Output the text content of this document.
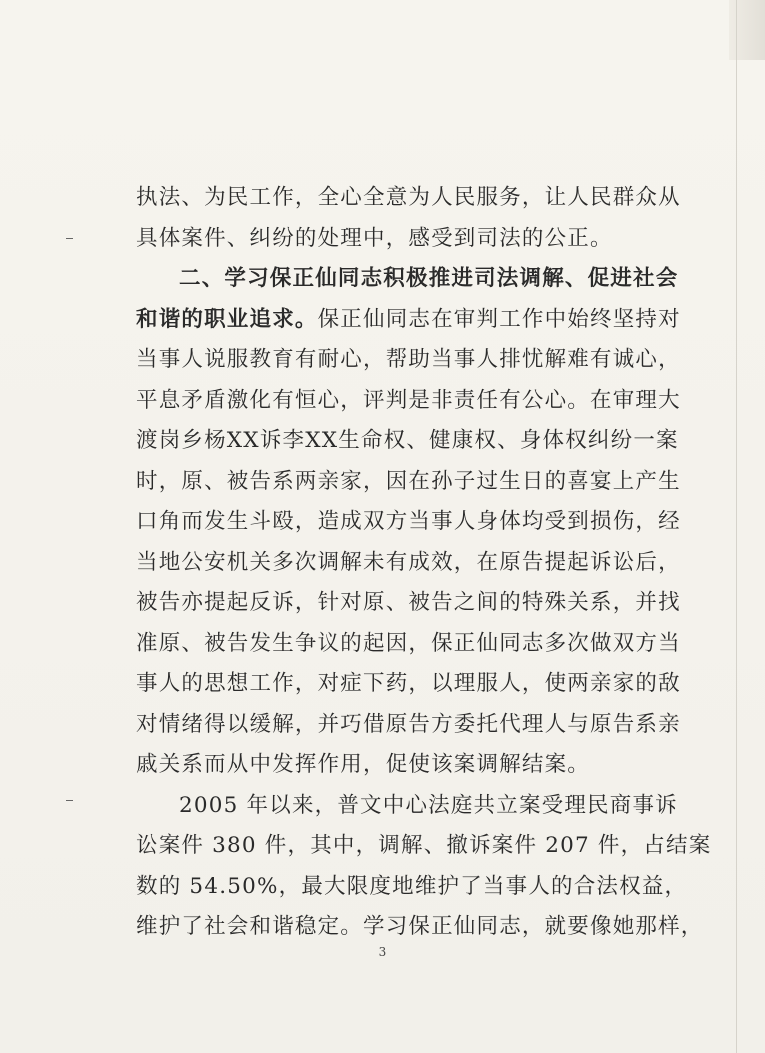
执法、为民工作，全心全意为人民服务，让人民群众从
具体案件、纠纷的处理中，感受到司法的公正。
二、学习保正仙同志积极推进司法调解、促进社会
和谐的职业追求。保正仙同志在审判工作中始终坚持对
当事人说服教育有耐心，帮助当事人排忧解难有诚心，
平息矛盾激化有恒心，评判是非责任有公心。在审理大
渡岗乡杨XX诉李XX生命权、健康权、身体权纠纷一案
时，原、被告系两亲家，因在孙子过生日的喜宴上产生
口角而发生斗殴，造成双方当事人身体均受到损伤，经
当地公安机关多次调解未有成效，在原告提起诉讼后，
被告亦提起反诉，针对原、被告之间的特殊关系，并找
准原、被告发生争议的起因，保正仙同志多次做双方当
事人的思想工作，对症下药，以理服人，使两亲家的敌
对情绪得以缓解，并巧借原告方委托代理人与原告系亲
戚关系而从中发挥作用，促使该案调解结案。
2005 年以来，普文中心法庭共立案受理民商事诉
讼案件 380 件，其中，调解、撤诉案件 207 件，占结案
数的 54.50%，最大限度地维护了当事人的合法权益，
维护了社会和谐稳定。学习保正仙同志，就要像她那样，
3
